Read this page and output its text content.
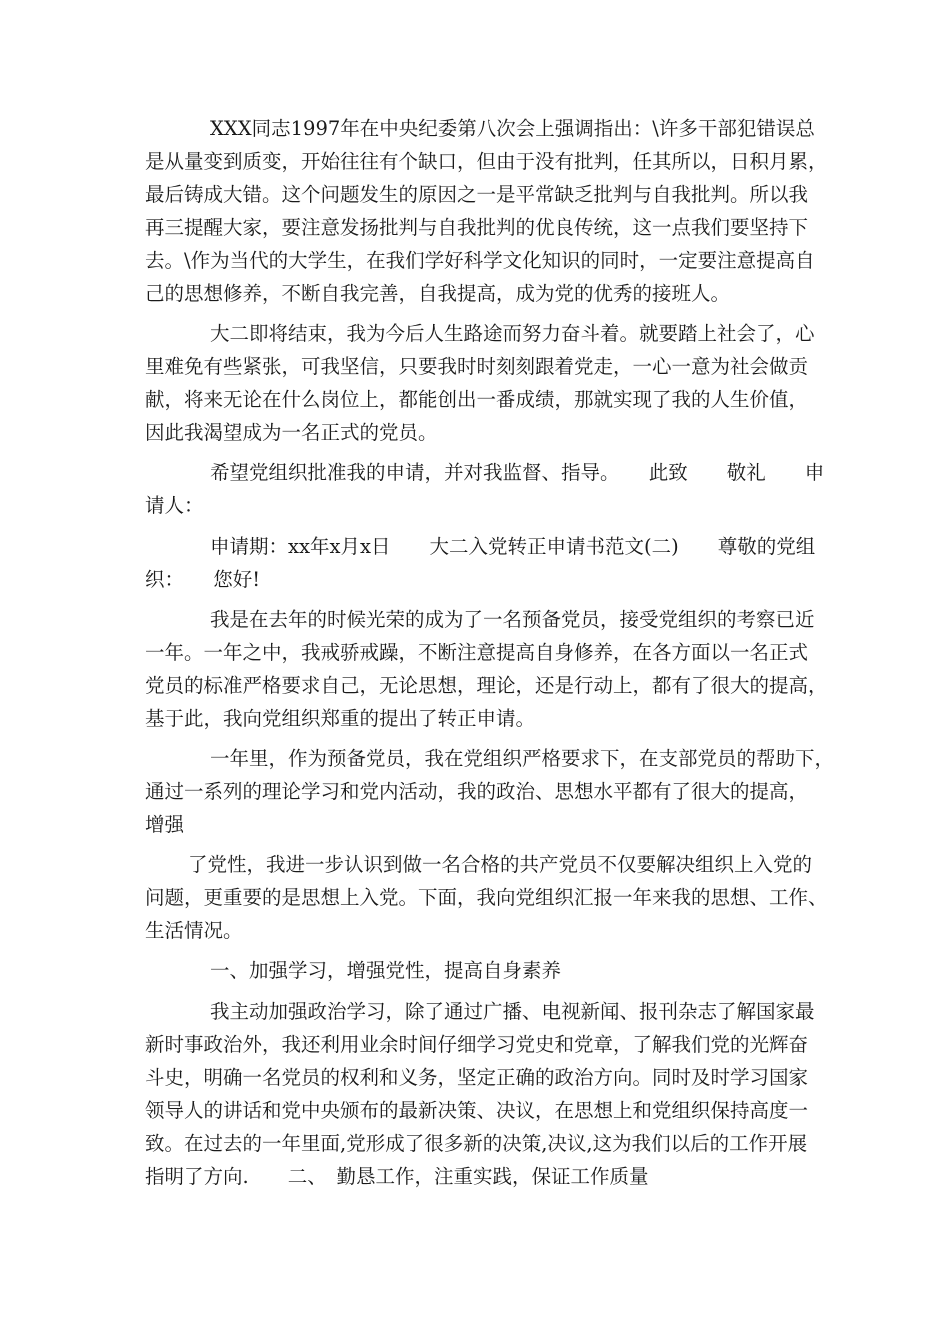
XXX同志1997年在中央纪委第八次会上强调指出：\许多干部犯错误总
是从量变到质变，开始往往有个缺口，但由于没有批判，任其所以，日积月累，
最后铸成大错。这个问题发生的原因之一是平常缺乏批判与自我批判。所以我
再三提醒大家，要注意发扬批判与自我批判的优良传统，这一点我们要坚持下
去。\作为当代的大学生，在我们学好科学文化知识的同时，一定要注意提高自
己的思想修养，不断自我完善，自我提高，成为党的优秀的接班人。
大二即将结束，我为今后人生路途而努力奋斗着。就要踏上社会了，心
里难免有些紧张，可我坚信，只要我时时刻刻跟着党走，一心一意为社会做贡
献，将来无论在什么岗位上，都能创出一番成绩，那就实现了我的人生价值，
因此我渴望成为一名正式的党员。
希望党组织批准我的申请，并对我监督、指导。　　此致　　敬礼　　申
请人：
申请期：xx年x月x日　　大二入党转正申请书范文(二)　　尊敬的党组
织：　　您好!
我是在去年的时候光荣的成为了一名预备党员，接受党组织的考察已近
一年。一年之中，我戒骄戒躁，不断注意提高自身修养，在各方面以一名正式
党员的标准严格要求自己，无论思想，理论，还是行动上，都有了很大的提高，
基于此，我向党组织郑重的提出了转正申请。
一年里，作为预备党员，我在党组织严格要求下，在支部党员的帮助下，
通过一系列的理论学习和党内活动，我的政治、思想水平都有了很大的提高，
增强
了党性，我进一步认识到做一名合格的共产党员不仅要解决组织上入党的
问题，更重要的是思想上入党。下面，我向党组织汇报一年来我的思想、工作、
生活情况。
一、加强学习，增强党性，提高自身素养
我主动加强政治学习，除了通过广播、电视新闻、报刊杂志了解国家最
新时事政治外，我还利用业余时间仔细学习党史和党章，了解我们党的光辉奋
斗史，明确一名党员的权利和义务，坚定正确的政治方向。同时及时学习国家
领导人的讲话和党中央颁布的最新决策、决议，在思想上和党组织保持高度一
致。在过去的一年里面,党形成了很多新的决策,决议,这为我们以后的工作开展
指明了方向.　　二、　勤恳工作，注重实践，保证工作质量
